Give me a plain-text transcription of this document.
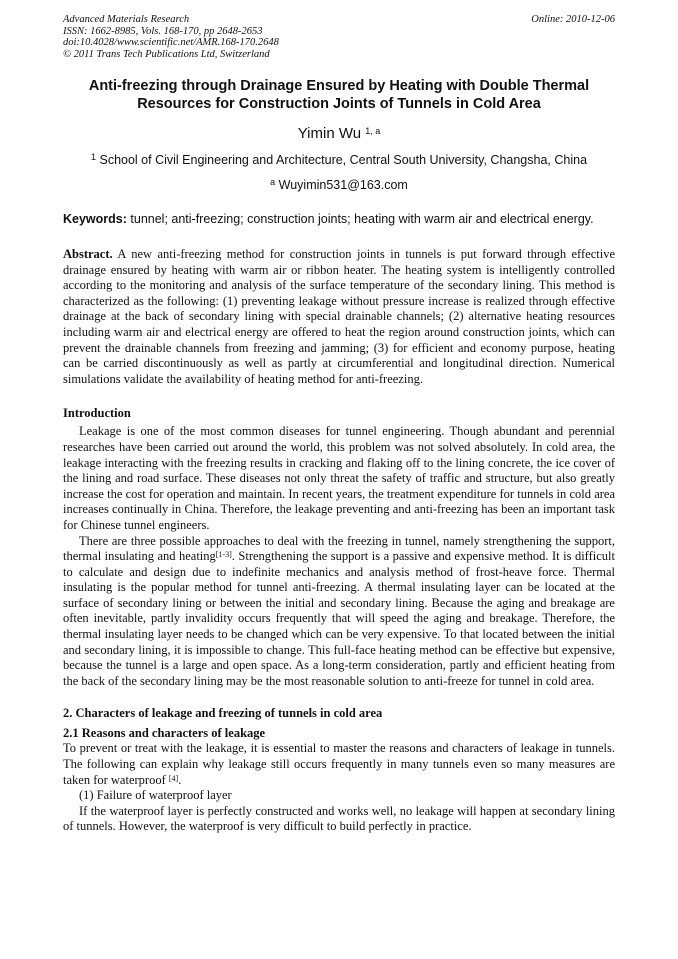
Advanced Materials Research
ISSN: 1662-8985, Vols. 168-170, pp 2648-2653
doi:10.4028/www.scientific.net/AMR.168-170.2648
© 2011 Trans Tech Publications Ltd, Switzerland
Online: 2010-12-06
Anti-freezing through Drainage Ensured by Heating with Double Thermal Resources for Construction Joints of Tunnels in Cold Area
Yimin Wu $^{1, a}$
$^1$ School of Civil Engineering and Architecture, Central South University, Changsha, China
$^a$ Wuyimin531@163.com
Keywords: tunnel; anti-freezing; construction joints; heating with warm air and electrical energy.

Abstract. A new anti-freezing method for construction joints in tunnels is put forward through effective drainage ensured by heating with warm air or ribbon heater. The heating system is intelligently controlled according to the monitoring and analysis of the surface temperature of the secondary lining. This method is characterized as the following: (1) preventing leakage without pressure increase is realized through effective drainage at the back of secondary lining with special drainable channels; (2) alternative heating resources including warm air and electrical energy are offered to heat the region around construction joints, which can prevent the drainable channels from freezing and jamming; (3) for efficient and economy purpose, heating can be carried discontinuously as well as partly at circumferential and longitudinal direction. Numerical simulations validate the availability of heating method for anti-freezing.

Introduction

Leakage is one of the most common diseases for tunnel engineering. Though abundant and perennial researches have been carried out around the world, this problem was not solved absolutely. In cold area, the leakage interacting with the freezing results in cracking and flaking off to the lining concrete, the ice cover of the lining and road surface. These diseases not only threat the safety of traffic and structure, but also greatly increase the cost for operation and maintain. In recent years, the treatment expenditure for tunnels in cold area increases continually in China. Therefore, the leakage preventing and anti-freezing has been an important task for Chinese tunnel engineers.

There are three possible approaches to deal with the freezing in tunnel, namely strengthening the support, thermal insulating and heating[1-3]. Strengthening the support is a passive and expensive method. It is difficult to calculate and design due to indefinite mechanics and analysis method of frost-heave force. Thermal insulating is the popular method for tunnel anti-freezing. A thermal insulating layer can be located at the surface of secondary lining or between the initial and secondary lining. Because the aging and breakage are often inevitable, partly invalidity occurs frequently that will speed the aging and breakage. Therefore, the thermal insulating layer needs to be changed which can be very expensive. To that located between the initial and secondary lining, it is impossible to change. This full-face heating method can be effective but expensive, because the tunnel is a large and open space. As a long-term consideration, partly and efficient heating from the back of the secondary lining may be the most reasonable solution to anti-freeze for tunnel in cold area.

2. Characters of leakage and freezing of tunnels in cold area
2.1 Reasons and characters of leakage

To prevent or treat with the leakage, it is essential to master the reasons and characters of leakage in tunnels. The following can explain why leakage still occurs frequently in many tunnels even so many measures are taken for waterproof [4].

(1) Failure of waterproof layer

If the waterproof layer is perfectly constructed and works well, no leakage will happen at secondary lining of tunnels. However, the waterproof is very difficult to build perfectly in practice.
